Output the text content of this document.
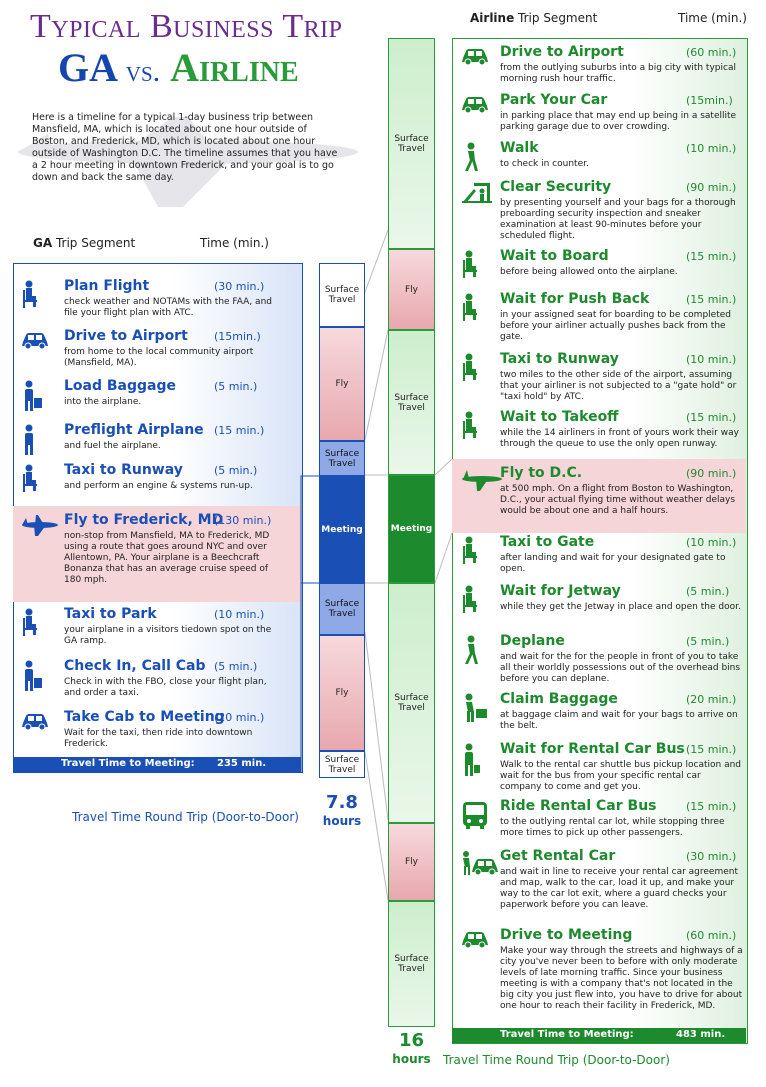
Typical Business Trip
GA vs. Airline
Here is a timeline for a typical 1-day business trip between Mansfield, MA, which is located about one hour outside of Boston, and Frederick, MD, which is located about one hour outside of Washington D.C. The timeline assumes that you have a 2 hour meeting in downtown Frederick, and your goal is to go down and back the same day.
GA Trip Segment	Time (min.)
Airline Trip Segment	Time (min.)
Plan Flight	(30 min.)
check weather and NOTAMs with the FAA, and file your flight plan with ATC.
Drive to Airport (15min.)
from home to the local community airport (Mansfield, MA).
Load Baggage	(5 min.)
into the airplane.
Preflight Airplane (15 min.)
and fuel the airplane.
Taxi to Runway	(5 min.)
and perform an engine & systems run-up.
Fly to Frederick, MD
(130 min.)
non-stop from Mansfield, MA to Frederick, MD using a route that goes around NYC and over Allentown, PA. Your airplane is a Beechcraft Bonanza that has an average cruise speed of 180 mph.
Taxi to Park	(10 min.)
your airplane in a visitors tiedown spot on the GA ramp.
Check In, Call Cab (5 min.)
Check in with the FBO, close your flight plan, and order a taxi.
Take Cab to Meeting
(20 min.)
Wait for the taxi, then ride into downtown Frederick.
Drive to Airport	(60 min.)
from the outlying suburbs into a big city with typical morning rush hour traffic.
Park Your Car	(15min.)
in parking place that may end up being in a satellite parking garage due to over crowding.
Walk	(10 min.)
to check in counter.
Clear Security	(90 min.)
by presenting yourself and your bags for a thorough preboarding security inspection and sneaker examination at least 90-minutes before your scheduled flight.
Wait to Board	(15 min.)
before being allowed onto the airplane.
Wait for Push Back	(15 min.)
in your assigned seat for boarding to be completed before your airliner actually pushes back from the gate.
Taxi to Runway	(10 min.)
two miles to the other side of the airport, assuming that your airliner is not subjected to a "gate hold" or "taxi hold" by ATC.
Wait to Takeoff	(15 min.)
while the 14 airliners in front of yours work their way through the queue to use the only open runway.
Fly to D.C.	(90 min.)
at 500 mph. On a flight from Boston to Washington, D.C., your actual flying time without weather delays would be about one and a half hours.
Taxi to Gate	(10 min.)
after landing and wait for your designated gate to open.
Wait for Jetway	(5 min.)
while they get the Jetway in place and open the door.
Deplane	(5 min.)
and wait for the for the people in front of you to take all their worldly possessions out of the overhead bins before you can deplane.
Claim Baggage	(20 min.)
at baggage claim and wait for your bags to arrive on the belt.
Wait for Rental Car Bus (15 min.)
Walk to the rental car shuttle bus pickup location and wait for the bus from your specific rental car company to come and get you.
Ride Rental Car Bus	(15 min.)
to the outlying rental car lot, while stopping three more times to pick up other passengers.
Get Rental Car	(30 min.)
and wait in line to receive your rental car agreement and map, walk to the car, load it up, and make your way to the car lot exit, where a guard checks your paperwork before you can leave.
Drive to Meeting	(60 min.)
Make your way through the streets and highways of a city you've never been to before with only moderate levels of late morning traffic. Since your business meeting is with a company that's not located in the big city you just flew into, you have to drive for about one hour to reach their facility in Frederick, MD.
Surface Travel
Fly
Surface Travel
Meeting
Surface Travel
Fly
Surface Travel
Surface Travel
Fly
Surface Travel
Meeting
Surface Travel
Fly
Surface Travel
Travel Time to Meeting: 235 min.
Travel Time to Meeting:	483 min.
Travel Time Round Trip (Door-to-Door)
7.8
hours
Travel Time Round Trip (Door-to-Door)
16
hours
